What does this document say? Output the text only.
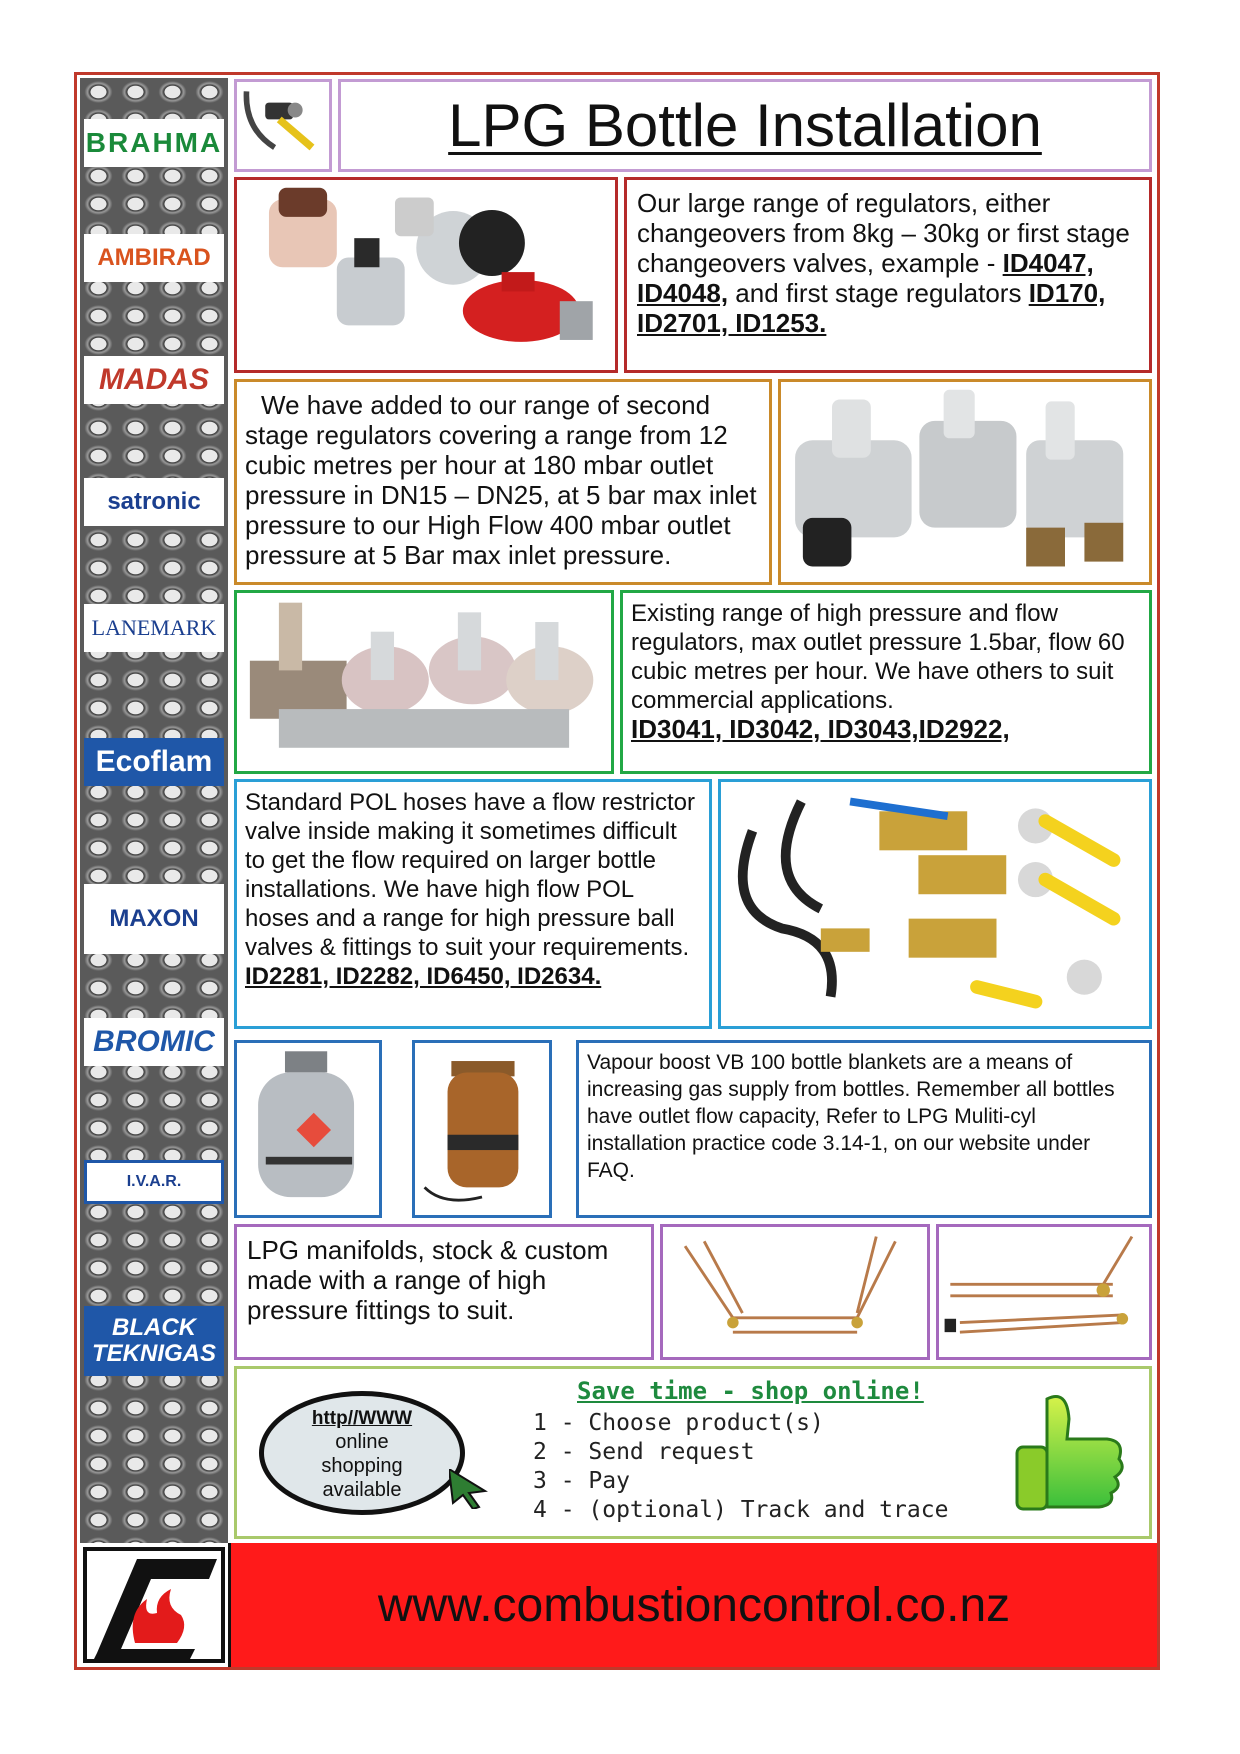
BRAHMA
AMBIRAD
MADAS
satronic
LANEMARK
Ecoflam
MAXON
BROMIC
I.V.A.R.
BLACK TEKNIGAS
LPG Bottle Installation
Our large range of regulators, either changeovers from 8kg – 30kg or first stage changeovers valves, example - ID4047, ID4048, and first stage regulators ID170, ID2701, ID1253.
We have added to our range of second stage regulators covering a range from 12 cubic metres per hour at 180 mbar outlet pressure in DN15 – DN25, at 5 bar max inlet pressure to our High Flow 400 mbar outlet pressure at 5 Bar max inlet pressure.
Existing range of high pressure and flow regulators, max outlet pressure 1.5bar, flow 60 cubic metres per hour. We have others to suit commercial applications.
ID3041, ID3042, ID3043,ID2922,
Standard POL hoses have a flow restrictor valve inside making it sometimes difficult to get the flow required on larger bottle installations. We have high flow POL hoses and a range for high pressure ball valves & fittings to suit your requirements.
ID2281, ID2282, ID6450, ID2634.
Vapour boost VB 100 bottle blankets are a means of increasing gas supply from bottles. Remember all bottles have outlet flow capacity, Refer to LPG Muliti-cyl installation practice code 3.14-1, on our website under FAQ.
LPG manifolds, stock & custom made with a range of high pressure fittings to suit.
http//WWW
online
shopping
available
Save time - shop online!
1 - Choose product(s)
2 - Send request
3 - Pay
4 - (optional) Track and trace
www.combustioncontrol.co.nz
